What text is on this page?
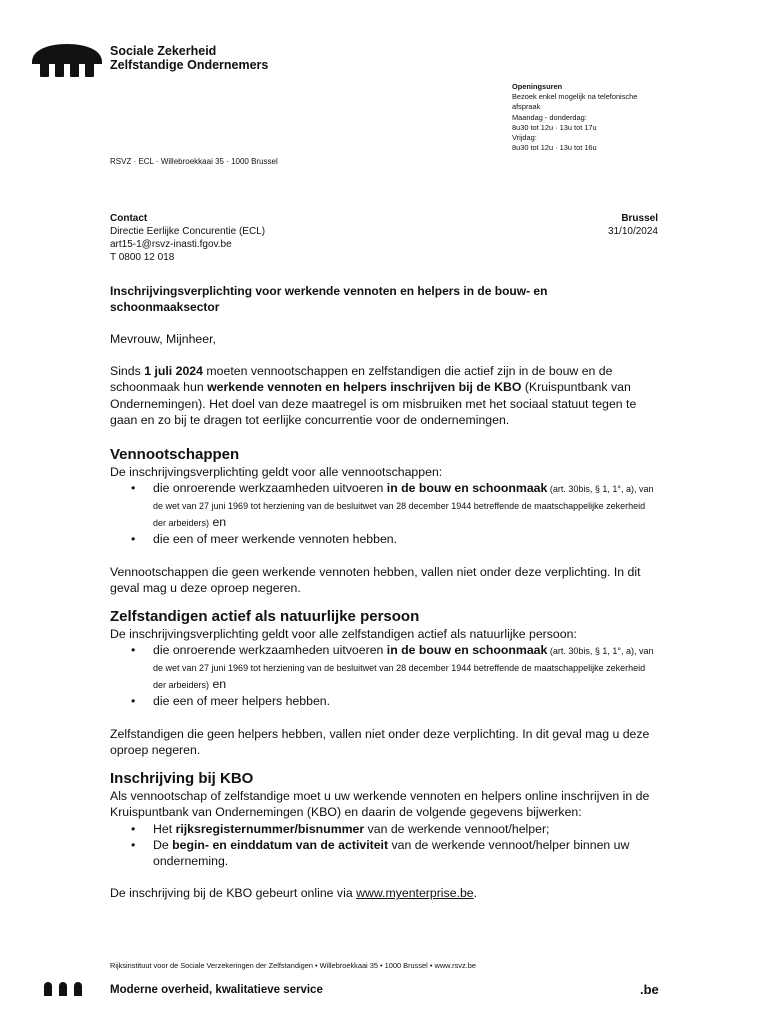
Sociale Zekerheid
Zelfstandige Ondernemers
Openingsuren
Bezoek enkel mogelijk na telefonische
afspraak
Maandag - donderdag:
8u30 tot 12u · 13u tot 17u
Vrijdag:
8u30 tot 12u · 13u tot 16u
RSVZ · ECL · Willebroekkaai 35 · 1000 Brussel
Contact
Directie Eerlijke Concurentie (ECL)
art15-1@rsvz-inasti.fgov.be
T 0800 12 018
Brussel
31/10/2024
Inschrijvingsverplichting voor werkende vennoten en helpers in de bouw- en schoonmaaksector
Mevrouw, Mijnheer,
Sinds 1 juli 2024 moeten vennootschappen en zelfstandigen die actief zijn in de bouw en de schoonmaak hun werkende vennoten en helpers inschrijven bij de KBO (Kruispuntbank van Ondernemingen). Het doel van deze maatregel is om misbruiken met het sociaal statuut tegen te gaan en zo bij te dragen tot eerlijke concurrentie voor de ondernemingen.
Vennootschappen

De inschrijvingsverplichting geldt voor alle vennootschappen:

• die onroerende werkzaamheden uitvoeren in de bouw en schoonmaak (art. 30bis, § 1, 1°, a), van de wet van 27 juni 1969 tot herziening van de besluitwet van 28 december 1944 betreffende de maatschappelijke zekerheid der arbeiders) en
• die een of meer werkende vennoten hebben.

Vennootschappen die geen werkende vennoten hebben, vallen niet onder deze verplichting. In dit geval mag u deze oproep negeren.

Zelfstandigen actief als natuurlijke persoon

De inschrijvingsverplichting geldt voor alle zelfstandigen actief als natuurlijke persoon:

• die onroerende werkzaamheden uitvoeren in de bouw en schoonmaak (art. 30bis, § 1, 1°, a), van de wet van 27 juni 1969 tot herziening van de besluitwet van 28 december 1944 betreffende de maatschappelijke zekerheid der arbeiders) en
• die een of meer helpers hebben.

Zelfstandigen die geen helpers hebben, vallen niet onder deze verplichting. In dit geval mag u deze oproep negeren.

Inschrijving bij KBO

Als vennootschap of zelfstandige moet u uw werkende vennoten en helpers online inschrijven in de Kruispuntbank van Ondernemingen (KBO) en daarin de volgende gegevens bijwerken:

• Het rijksregisternummer/bisnummer van de werkende vennoot/helper;
• De begin- en einddatum van de activiteit van de werkende vennoot/helper binnen uw onderneming.

De inschrijving bij de KBO gebeurt online via www.myenterprise.be.

Rijksinstituut voor de Sociale Verzekeringen der Zelfstandigen • Willebroekkaai 35 • 1000 Brussel • www.rsvz.be
Moderne overheid, kwalitatieve service	.be
